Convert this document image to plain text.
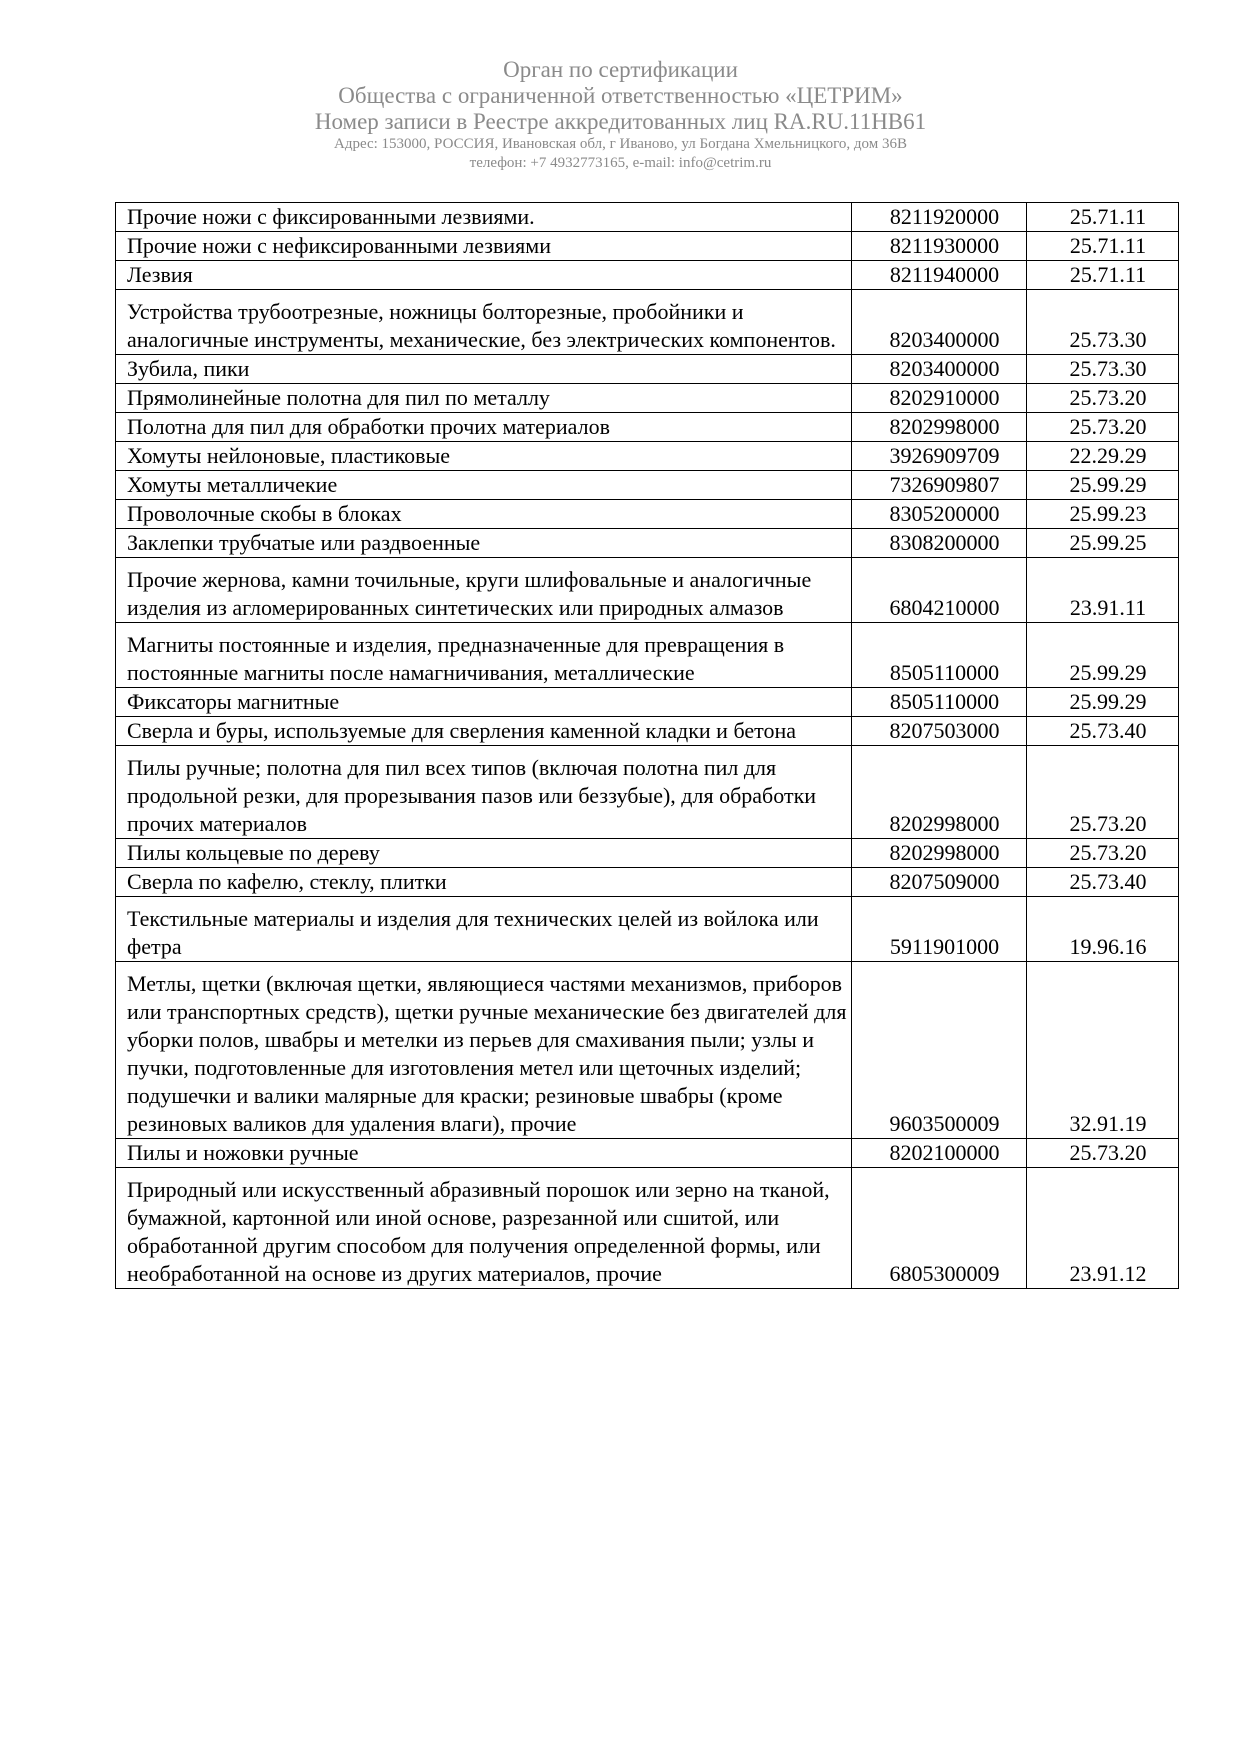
Орган по сертификации
Общества с ограниченной ответственностью «ЦЕТРИМ»
Номер записи в Реестре аккредитованных лиц RA.RU.11HB61
Адрес: 153000, РОССИЯ, Ивановская обл, г Иваново, ул Богдана Хмельницкого, дом 36В
телефон: +7 4932773165, e-mail: info@cetrim.ru
Прочие ножи с фиксированными лезвиями.	8211920000	25.71.11
Прочие ножи с нефиксированными лезвиями	8211930000	25.71.11
Лезвия	8211940000	25.71.11
Устройства трубоотрезные, ножницы болторезные, пробойники и аналогичные инструменты, механические, без электрических компонентов.	8203400000	25.73.30
Зубила, пики	8203400000	25.73.30
Прямолинейные полотна для пил по металлу	8202910000	25.73.20
Полотна для пил для обработки прочих материалов	8202998000	25.73.20
Хомуты нейлоновые, пластиковые	3926909709	22.29.29
Хомуты металличекие	7326909807	25.99.29
Проволочные скобы в блоках	8305200000	25.99.23
Заклепки трубчатые или раздвоенные	8308200000	25.99.25
Прочие жернова, камни точильные, круги шлифовальные и аналогичные изделия из агломерированных синтетических или природных алмазов	6804210000	23.91.11
Магниты постоянные и изделия, предназначенные для превращения в постоянные магниты после намагничивания, металлические	8505110000	25.99.29
Фиксаторы магнитные	8505110000	25.99.29
Сверла и буры, используемые для сверления каменной кладки и бетона	8207503000	25.73.40
Пилы ручные; полотна для пил всех типов (включая полотна пил для продольной резки, для прорезывания пазов или беззубые), для обработки прочих материалов	8202998000	25.73.20
Пилы кольцевые по дереву	8202998000	25.73.20
Сверла по кафелю, стеклу, плитки	8207509000	25.73.40
Текстильные материалы и изделия для технических целей из войлока или фетра	5911901000	19.96.16
Метлы, щетки (включая щетки, являющиеся частями механизмов, приборов или транспортных средств), щетки ручные механические без двигателей для уборки полов, швабры и метелки из перьев для смахивания пыли; узлы и пучки, подготовленные для изготовления метел или щеточных изделий; подушечки и валики малярные для краски; резиновые швабры (кроме резиновых валиков для удаления влаги), прочие	9603500009	32.91.19
Пилы и ножовки ручные	8202100000	25.73.20
Природный или искусственный абразивный порошок или зерно на тканой, бумажной, картонной или иной основе, разрезанной или сшитой, или обработанной другим способом для получения определенной формы, или необработанной на основе из других материалов, прочие	6805300009	23.91.12
